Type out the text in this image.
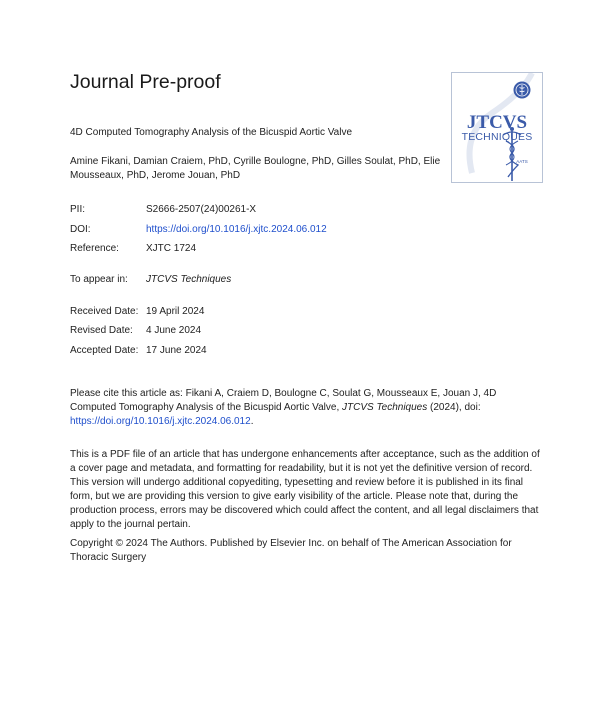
Journal Pre-proof
AATS
JTCVS
TECHNIQUES
4D Computed Tomography Analysis of the Bicuspid Aortic Valve
Amine Fikani, Damian Craiem, PhD, Cyrille Boulogne, PhD, Gilles Soulat, PhD, Elie
Mousseaux, PhD, Jerome Jouan, PhD
PII:	S2666-2507(24)00261-X
DOI:	https://doi.org/10.1016/j.xjtc.2024.06.012
Reference:	XJTC 1724
To appear in: JTCVS Techniques
Received Date: 19 April 2024
Revised Date: 4 June 2024
Accepted Date: 17 June 2024

Please cite this article as: Fikani A, Craiem D, Boulogne C, Soulat G, Mousseaux E, Jouan J, 4D Computed Tomography Analysis of the Bicuspid Aortic Valve, JTCVS Techniques (2024), doi: https://doi.org/10.1016/j.xjtc.2024.06.012.

This is a PDF file of an article that has undergone enhancements after acceptance, such as the addition of a cover page and metadata, and formatting for readability, but it is not yet the definitive version of record. This version will undergo additional copyediting, typesetting and review before it is published in its final form, but we are providing this version to give early visibility of the article. Please note that, during the production process, errors may be discovered which could affect the content, and all legal disclaimers that apply to the journal pertain.

Copyright © 2024 The Authors. Published by Elsevier Inc. on behalf of The American Association for Thoracic Surgery
